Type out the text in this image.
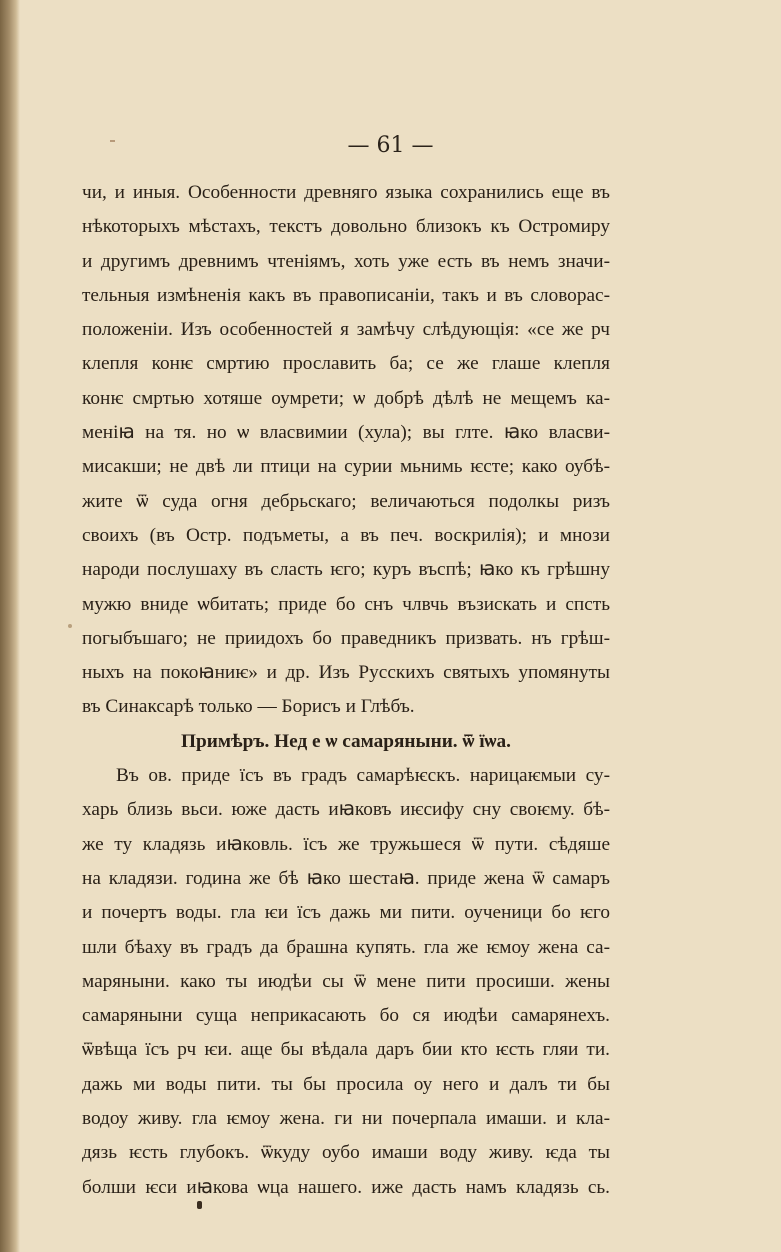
— 61 —
чи, и иныя. Особенности древняго языка сохранились еще въ
нѣкоторыхъ мѣстахъ, текстъ довольно близокъ къ Остромиру
и другимъ древнимъ чтеніямъ, хоть уже есть въ немъ значи-
тельныя измѣненія какъ въ правописаніи, такъ и въ словорас-
положеніи. Изъ особенностей я замѣчу слѣдующія: «се же рч
клепля конѥ смртию прославить ба; се же глаше клепля
конѥ смртью хотяше оумрети; ѡ добрѣ дѣлѣ не мещемъ ка-
менiꙗ на тя. но ѡ власвимии (хула); вы глте. ꙗко власви-
мисакши; не двѣ ли птици на сурии мьнимь ѥсте; како оубѣ-
жите ѿ суда огня дебрьскаго; величаються подолкы ризъ
своихъ (въ Остр. подъметы, а въ печ. воскрилія); и мнози
народи послушаху въ сласть ѥго; куръ въспѣ; ꙗко къ грѣшну
мужю вниде ѡбитать; приде бо снъ члвчь възискать и спсть
погыбъшаго; не приидохъ бо праведникъ призвать. нъ грѣш-
ныхъ на покоꙗниѥ» и др. Изъ Русскихъ святыхъ упомянуты
въ Синаксарѣ только — Борисъ и Глѣбъ.
Примѣръ. Нед е ѡ самаряныни. ѿ їѡа.
Въ ов. приде їсъ въ градъ самарѣѥскъ. нарицаѥмыи су-
харь близь вьси. юже дасть иꙗковъ иѥсифу сну своѥму. бѣ-
же ту кладязь иꙗковль. їсъ же тружьшеся ѿ пути. сѣдяше
на кладязи. година же бѣ ꙗко шестаꙗ. приде жена ѿ самаръ
и почертъ воды. гла ѥи їсъ дажь ми пити. оученици бо ѥго
шли бѣаху въ градъ да брашна купять. гла же ѥмоу жена са-
маряныни. како ты июдѣи сы ѿ мене пити просиши. жены
самаряныни суща неприкасають бо ся июдѣи самарянехъ.
ѿвѣща їсъ рч ѥи. аще бы вѣдала даръ бии кто ѥсть гляи ти.
дажь ми воды пити. ты бы просила оу него и далъ ти бы
водоу живу. гла ѥмоу жена. ги ни почерпала имаши. и кла-
дязь ѥсть глубокъ. ѿкуду оубо имаши воду живу. ѥда ты
болши ѥси иꙗкова ѡца нашего. иже дасть намъ кладязь сь.
